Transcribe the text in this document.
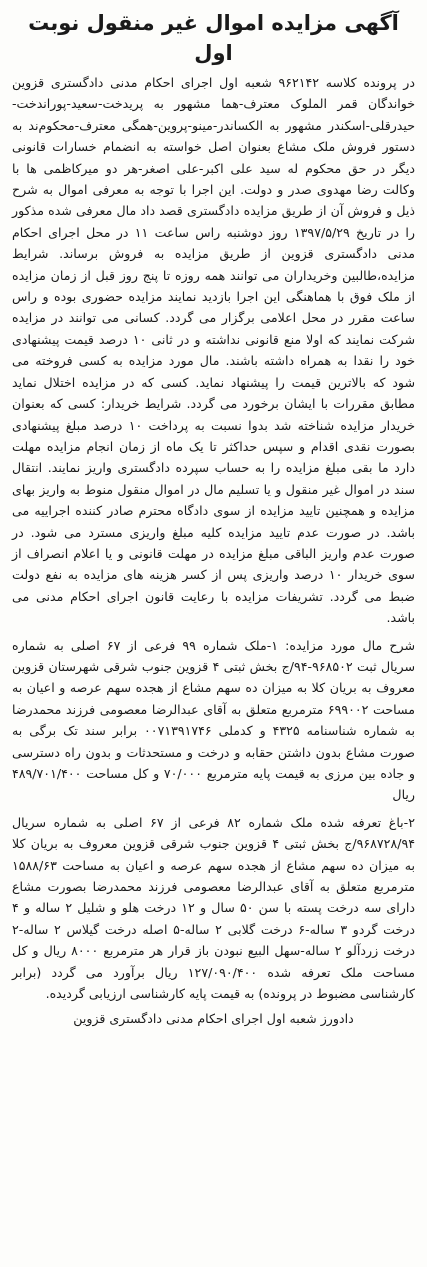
آگهی مزایده اموال غیر منقول نوبت اول

در پرونده کلاسه ۹۶۲۱۴۲ شعبه اول اجرای احکام مدنی دادگستری قزوین خواندگان قمر الملوک معترف-هما مشهور به پریدخت-سعید-پوراندخت-حیدرقلی-اسکندر مشهور به الکساندر-مینو-پروین-همگی معترف-محکوم‌ند به دستور فروش ملک مشاع بعنوان اصل خواسته به انضمام خسارات قانونی دیگر در حق محکوم له سید علی اکبر-علی اصغر-هر دو میرکاظمی ها با وکالت رضا مهدوی صدر و دولت. این اجرا با توجه به معرفی اموال به شرح ذیل و فروش آن از طریق مزایده دادگستری قصد داد مال معرفی شده مذکور را در تاریخ ۱۳۹۷/۵/۲۹ روز دوشنبه راس ساعت ۱۱ در محل اجرای احکام مدنی دادگستری قزوین از طریق مزایده به فروش برساند. شرایط مزایده،طالبین وخریداران می توانند همه روزه تا پنج روز قبل از زمان مزایده از ملک فوق با هماهنگی این اجرا بازدید نمایند مزایده حضوری بوده و راس ساعت مقرر در محل اعلامی برگزار می گردد. کسانی می توانند در مزایده شرکت نمایند که اولا منع قانونی نداشته و در ثانی ۱۰ درصد قیمت پیشنهادی خود را نقدا به همراه داشته باشند. مال مورد مزایده به کسی فروخته می شود که بالاترین قیمت را پیشنهاد نماید. کسی که در مزایده اختلال نماید مطابق مقررات با ایشان برخورد می گردد. شرایط خریدار: کسی که بعنوان خریدار مزایده شناخته شد بدوا نسبت به پرداخت ۱۰ درصد مبلغ پیشنهادی بصورت نقدی اقدام و سپس حداکثر تا یک ماه از زمان انجام مزایده مهلت دارد ما بقی مبلغ مزایده را به حساب سپرده دادگستری واریز نمایند. انتقال سند در اموال غیر منقول و یا تسلیم مال در اموال منقول منوط به واریز بهای مزایده و همچنین تایید مزایده از سوی دادگاه محترم صادر کننده اجراییه می باشد. در صورت عدم تایید مزایده کلیه مبلغ واریزی مسترد می شود. در صورت عدم واریز الباقی مبلغ مزایده در مهلت قانونی و یا اعلام انصراف از سوی خریدار ۱۰ درصد واریزی پس از کسر هزینه های مزایده به نفع دولت ضبط می گردد. تشریفات مزایده با رعایت قانون اجرای احکام مدنی می باشد.

شرح مال مورد مزایده: ۱-ملک شماره ۹۹ فرعی از ۶۷ اصلی به شماره سریال ثبت ۹۶۸۵۰۲-۹۴/ج بخش ثبتی ۴ قزوین جنوب شرقی شهرستان قزوین معروف به بریان کلا به میزان ده سهم مشاع از هجده سهم عرصه و اعیان به مساحت ۶۹۹۰۰۲ مترمربع متعلق به آقای عبدالرضا معصومی فرزند محمدرضا به شماره شناسنامه ۴۳۲۵ و کدملی ۰۰۷۱۳۹۱۷۴۶ برابر سند تک برگی به صورت مشاع بدون داشتن حقابه و درخت و مستحدثات و بدون راه دسترسی و جاده بین مرزی به قیمت پایه مترمربع ۷۰/۰۰۰ و کل مساحت ۴۸۹/۷۰۱/۴۰۰ ریال

۲-باغ تعرفه شده ملک شماره ۸۲ فرعی از ۶۷ اصلی به شماره سریال ۹۶۸۷۲۸/۹۴/ج بخش ثبتی ۴ قزوین جنوب شرقی قزوین معروف به بریان کلا به میزان ده سهم مشاع از هجده سهم عرصه و اعیان به مساحت ۱۵۸۸/۶۳ مترمربع متعلق به آقای عبدالرضا معصومی فرزند محمدرضا بصورت مشاع دارای سه درخت پسته با سن ۵۰ سال و ۱۲ درخت هلو و شلیل ۲ ساله و ۴ درخت گردو ۳ ساله-۶ درخت گلابی ۲ ساله-۵ اصله درخت گیلاس ۲ ساله-۲ درخت زردآلو ۲ ساله-سهل البیع نبودن باز قرار هر مترمربع ۸۰۰۰ ریال و کل مساحت ملک تعرفه شده ۱۲۷/۰۹۰/۴۰۰ ریال برآورد می گردد (برابر کارشناسی مضبوط در پرونده) به قیمت پایه کارشناسی ارزیابی گردیده.

دادورز شعبه اول اجرای احکام مدنی دادگستری قزوین
